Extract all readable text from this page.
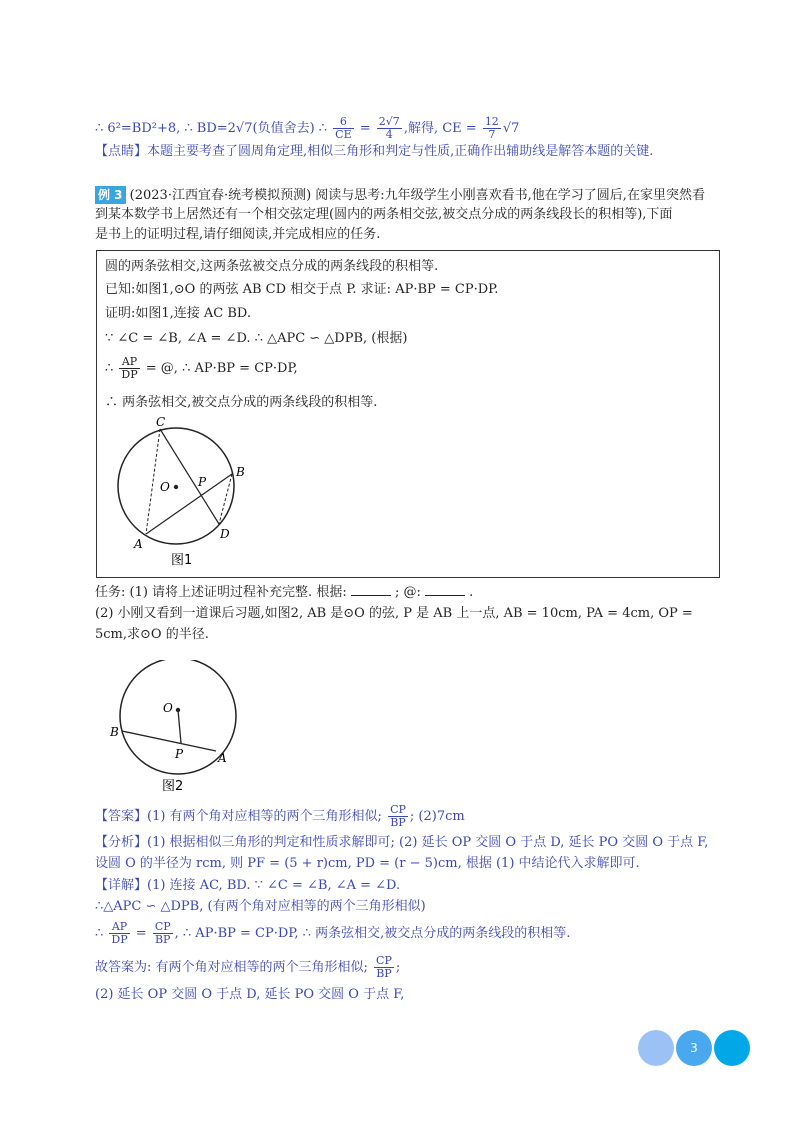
∴ 6²=BD²+8, ∴ BD=2√7(负值舍去) ∴ $\frac{6}{CE} = \frac{2√7}{4}$ ,解得, CE = $\frac{12}{7} √7$
【点睛】本题主要考查了圆周角定理,相似三角形和判定与性质,正确作出辅助线是解答本题的关键.
例 3 (2023·江西宜春·统考模拟预测) 阅读与思考:九年级学生小刚喜欢看书,他在学习了圆后,在家里突然看
到某本数学书上居然还有一个相交弦定理(圆内的两条相交弦,被交点分成的两条线段长的积相等),下面
是书上的证明过程,请仔细阅读,并完成相应的任务.
圆的两条弦相交,这两条弦被交点分成的两条线段的积相等.
已知:如图1,⊙O 的两弦 AB CD 相交于点 P. 求证: AP·BP = CP·DP.
证明:如图1,连接 AC BD.
∵ ∠C = ∠B, ∠A = ∠D. ∴ △APC ∽ △DPB, (根据)
∴ $\frac{AP}{DP}$ = @, ∴ AP·BP = CP·DP,
∴ 两条弦相交,被交点分成的两条线段的积相等.
C
B
O P
A
D
图1
任务: (1) 请将上述证明过程补充完整. 根据:	; @:	.
(2) 小刚又看到一道课后习题,如图2, AB 是⊙O 的弦, P 是 AB 上一点, AB = 10cm, PA = 4cm, OP =
5cm,求⊙O 的半径.
O
B
P	A
图2
【答案】(1) 有两个角对应相等的两个三角形相似; $\frac{CP}{BP}$ ; (2)7cm
【分析】(1) 根据相似三角形的判定和性质求解即可; (2) 延长 OP 交圆 O 于点 D, 延长 PO 交圆 O 于点 F,
设圆 O 的半径为 rcm, 则 PF = (5 + r)cm, PD = (r − 5)cm, 根据 (1) 中结论代入求解即可.
【详解】(1) 连接 AC, BD. ∵ ∠C = ∠B, ∠A = ∠D.
∴△APC ∽ △DPB, (有两个角对应相等的两个三角形相似)
∴ $\frac{AP}{DP} = \frac{CP}{BP}$ , ∴ AP·BP = CP·DP, ∴ 两条弦相交,被交点分成的两条线段的积相等.
故答案为: 有两个角对应相等的两个三角形相似; $\frac{CP}{BP}$ ;
(2) 延长 OP 交圆 O 于点 D, 延长 PO 交圆 O 于点 F,
3
